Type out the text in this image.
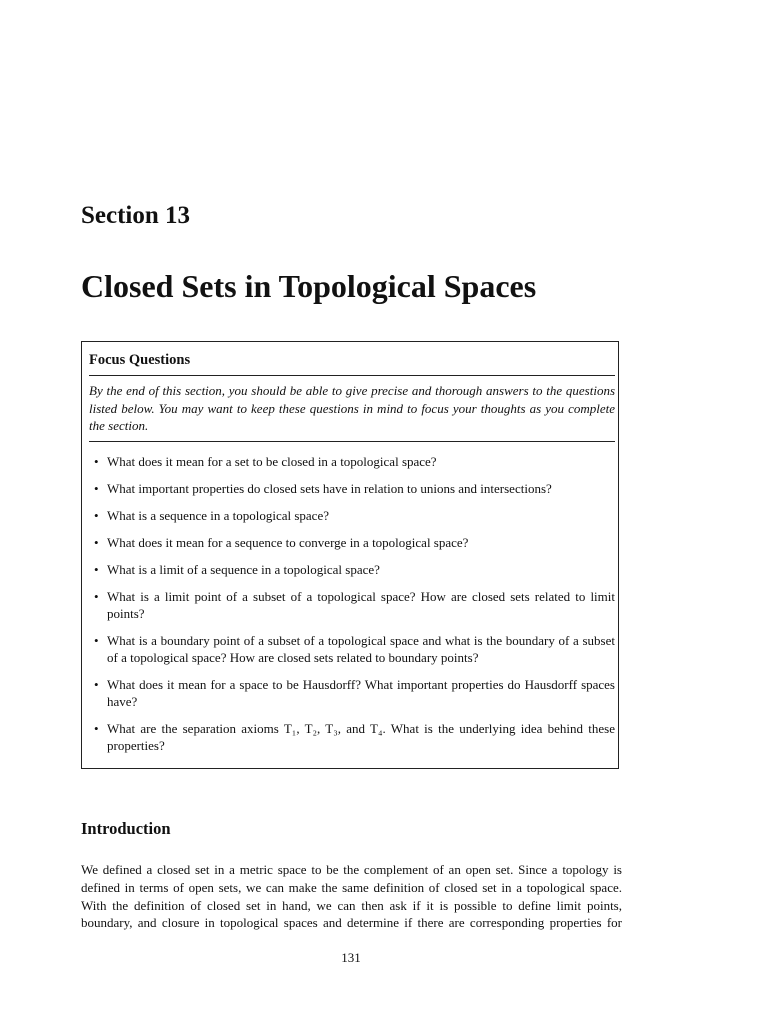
Section 13
Closed Sets in Topological Spaces
Focus Questions
By the end of this section, you should be able to give precise and thorough answers to the questions listed below. You may want to keep these questions in mind to focus your thoughts as you complete the section.
• What does it mean for a set to be closed in a topological space?
• What important properties do closed sets have in relation to unions and intersections?
• What is a sequence in a topological space?
• What does it mean for a sequence to converge in a topological space?
• What is a limit of a sequence in a topological space?
• What is a limit point of a subset of a topological space? How are closed sets related to limit points?
• What is a boundary point of a subset of a topological space and what is the boundary of a subset of a topological space? How are closed sets related to boundary points?
• What does it mean for a space to be Hausdorff? What important properties do Hausdorff spaces have?
• What are the separation axioms T₁, T₂, T₃, and T₄. What is the underlying idea behind these properties?
Introduction

We defined a closed set in a metric space to be the complement of an open set. Since a topology is defined in terms of open sets, we can make the same definition of closed set in a topological space. With the definition of closed set in hand, we can then ask if it is possible to define limit points, boundary, and closure in topological spaces and determine if there are corresponding properties for

131
